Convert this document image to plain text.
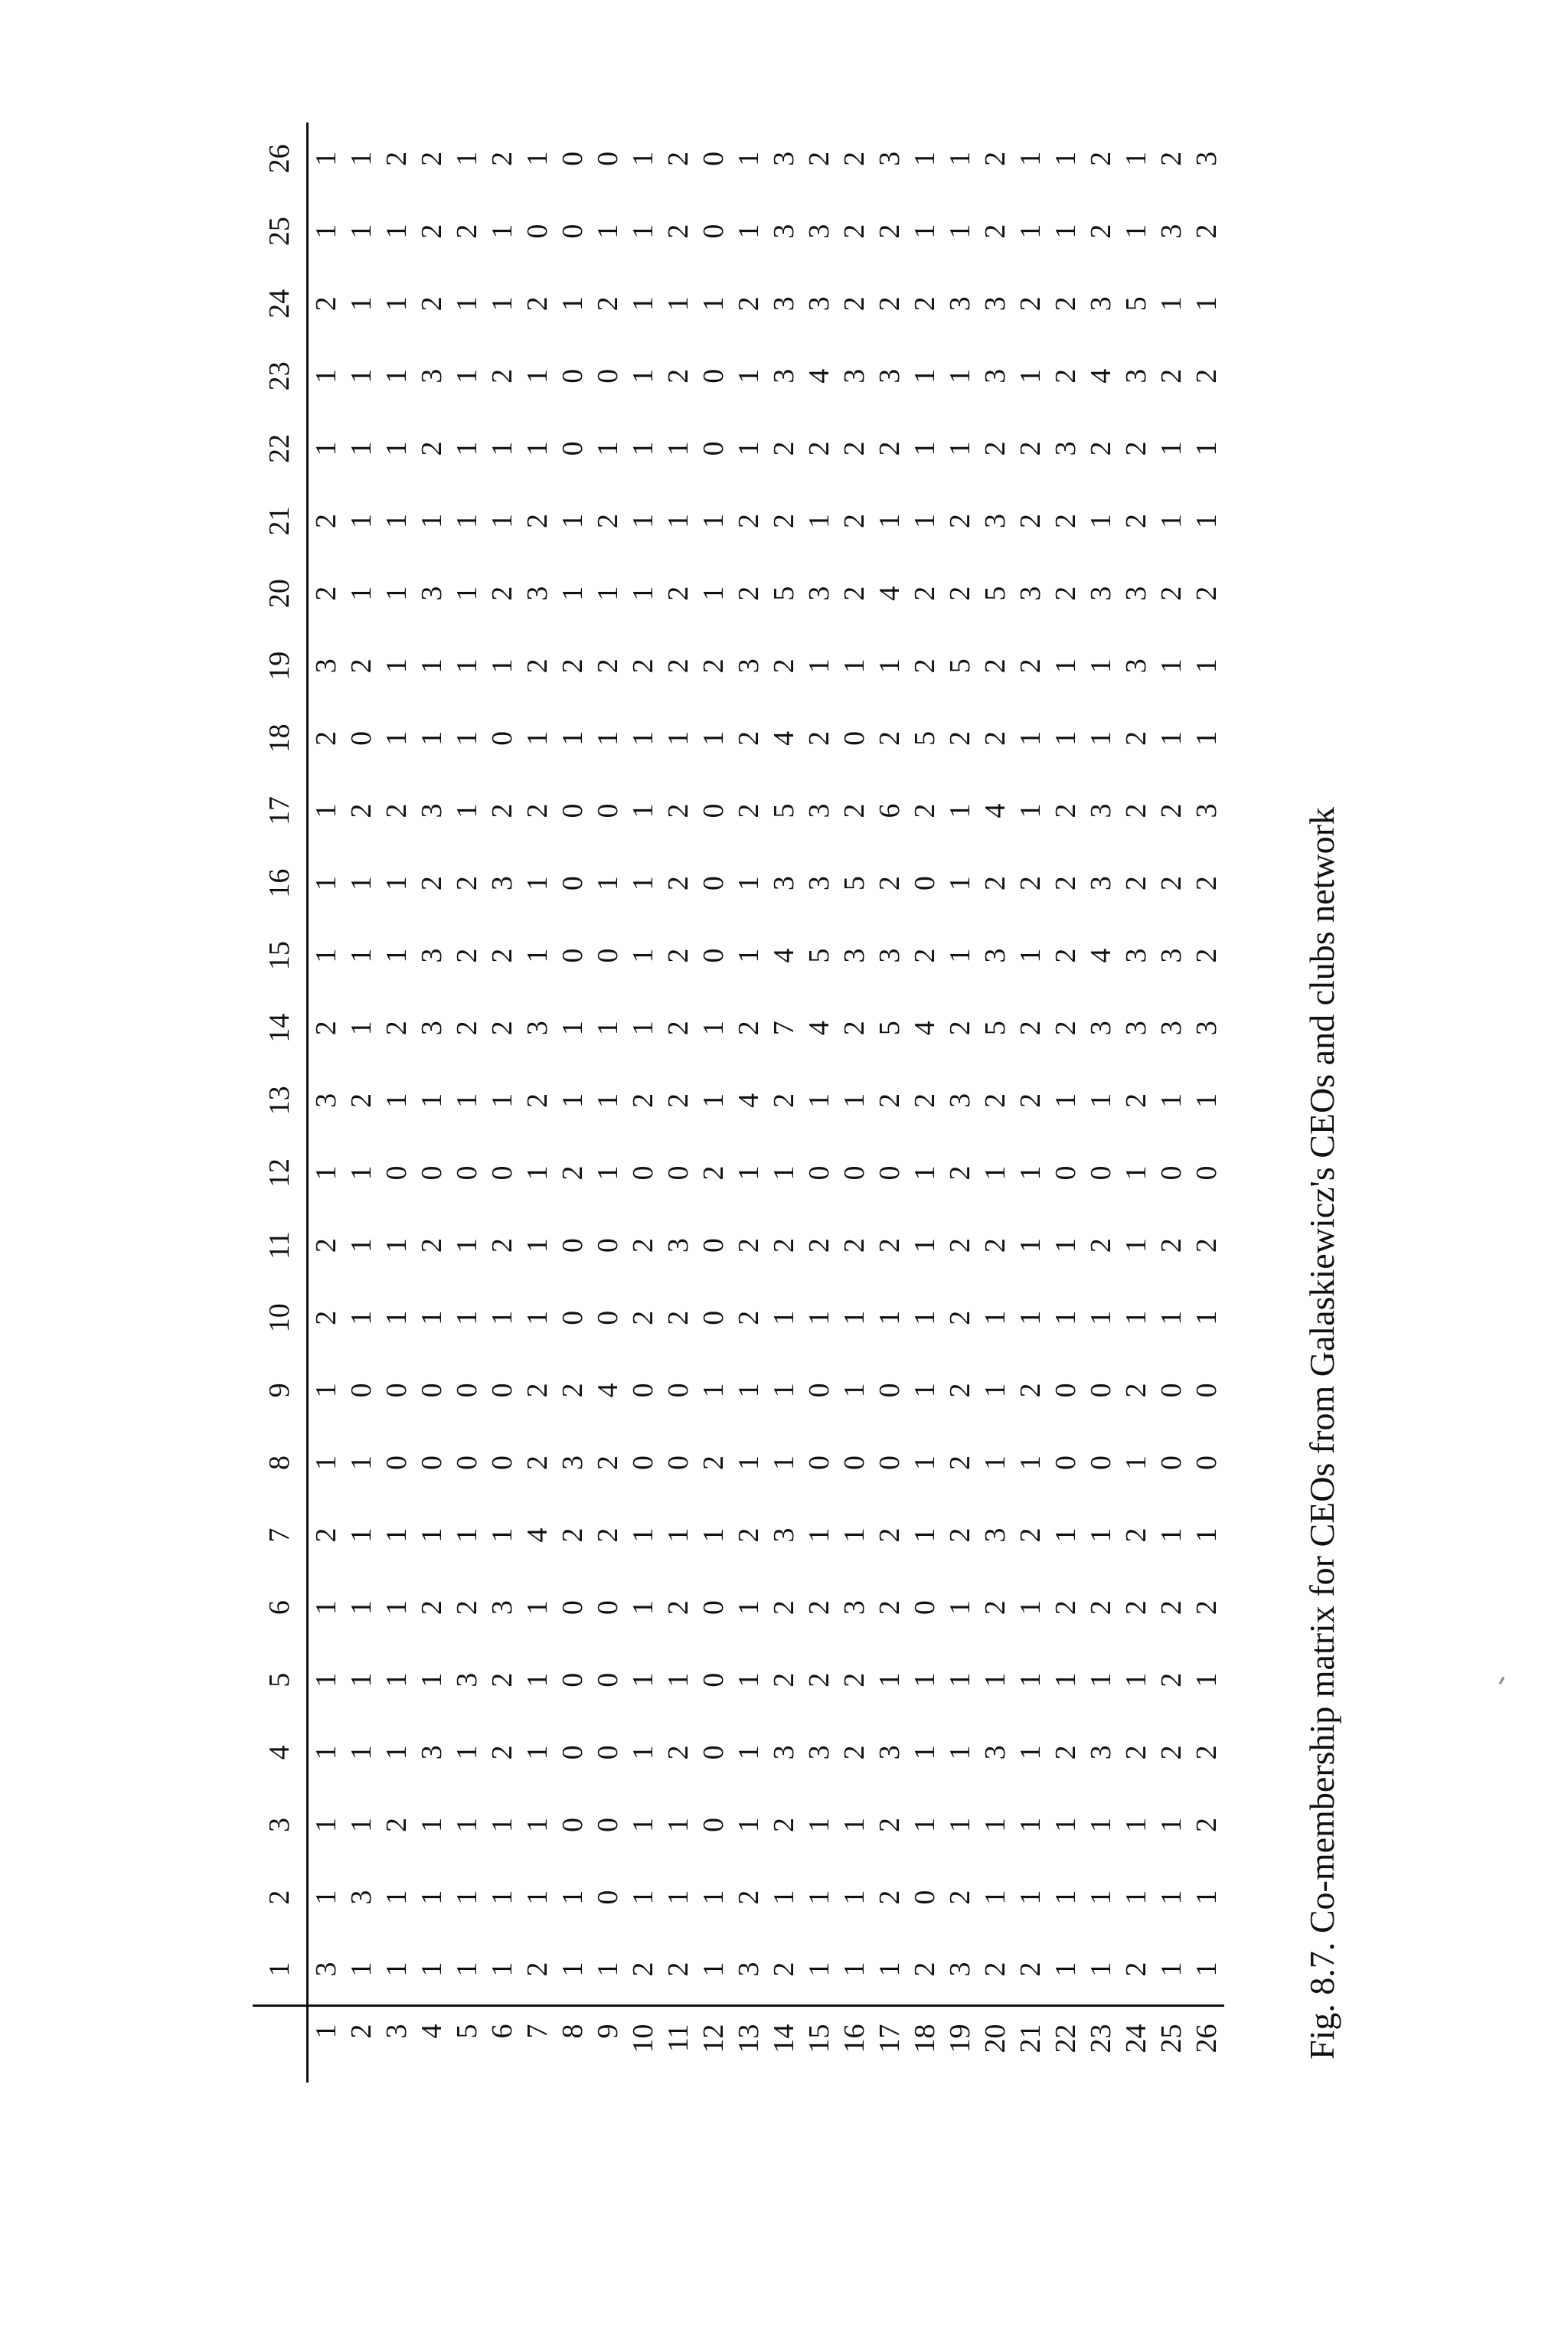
	1	2	3	4	5	6	7	8	9	10	11	12	13	14	15	16	17	18	19	20	21	22	23	24	25	26
1	3	1	1	1	1	1	2	1	1	2	2	1	3	2	1	1	1	2	3	2	2	1	1	2	1	1
2	1	3	1	1	1	1	1	1	0	1	1	1	2	1	1	1	2	0	2	1	1	1	1	1	1	1
3	1	1	2	1	1	1	1	0	0	1	1	0	1	2	1	1	2	1	1	1	1	1	1	1	1	2
4	1	1	1	3	1	2	1	0	0	1	2	0	1	3	3	2	3	1	1	3	1	2	3	2	2	2
5	1	1	1	1	3	2	1	0	0	1	1	0	1	2	2	2	1	1	1	1	1	1	1	1	2	1
6	1	1	1	2	2	3	1	0	0	1	2	0	1	2	2	3	2	0	1	2	1	1	2	1	1	2
7	2	1	1	1	1	1	4	2	2	1	1	1	2	3	1	1	2	1	2	3	2	1	1	2	0	1
8	1	1	0	0	0	0	2	3	2	0	0	2	1	1	0	0	0	1	2	1	1	0	0	1	0	0
9	1	0	0	0	0	0	2	2	4	0	0	1	1	1	0	1	0	1	2	1	2	1	0	2	1	0
10	2	1	1	1	1	1	1	0	0	2	2	0	2	1	1	1	1	1	2	1	1	1	1	1	1	1
11	2	1	1	2	1	2	1	0	0	2	3	0	2	2	2	2	2	1	2	2	1	1	2	1	2	2
12	1	1	0	0	0	0	1	2	1	0	0	2	1	1	0	0	0	1	2	1	1	0	0	1	0	0
13	3	2	1	1	1	1	2	1	1	2	2	1	4	2	1	1	2	2	3	2	2	1	1	2	1	1
14	2	1	2	3	2	2	3	1	1	1	2	1	2	7	4	3	5	4	2	5	2	2	3	3	3	3
15	1	1	1	3	2	2	1	0	0	1	2	0	1	4	5	3	3	2	1	3	1	2	4	3	3	2
16	1	1	1	2	2	3	1	0	1	1	2	0	1	2	3	5	2	0	1	2	2	2	3	2	2	2
17	1	2	2	3	1	2	2	0	0	1	2	0	2	5	3	2	6	2	1	4	1	2	3	2	2	3
18	2	0	1	1	1	0	1	1	1	1	1	1	2	4	2	0	2	5	2	2	1	1	1	2	1	1
19	3	2	1	1	1	1	2	2	2	2	2	2	3	2	1	1	1	2	5	2	2	1	1	3	1	1
20	2	1	1	3	1	2	3	1	1	1	2	1	2	5	3	2	4	2	2	5	3	2	3	3	2	2
21	2	1	1	1	1	1	2	1	2	1	1	1	2	2	1	2	1	1	2	3	2	2	1	2	1	1
22	1	1	1	2	1	2	1	0	0	1	1	0	1	2	2	2	2	1	1	2	2	3	2	2	1	1
23	1	1	1	3	1	2	1	0	0	1	2	0	1	3	4	3	3	1	1	3	1	2	4	3	2	2
24	2	1	1	2	1	2	2	1	2	1	1	1	2	3	3	2	2	2	3	3	2	2	3	5	1	1
25	1	1	1	2	2	2	1	0	0	1	2	0	1	3	3	2	2	1	1	2	1	1	2	1	3	2
26	1	1	2	2	1	2	1	0	0	1	2	0	1	3	2	2	3	1	1	2	1	1	2	1	2	3
Fig. 8.7. Co-membership matrix for CEOs from Galaskiewicz's CEOs and clubs network
